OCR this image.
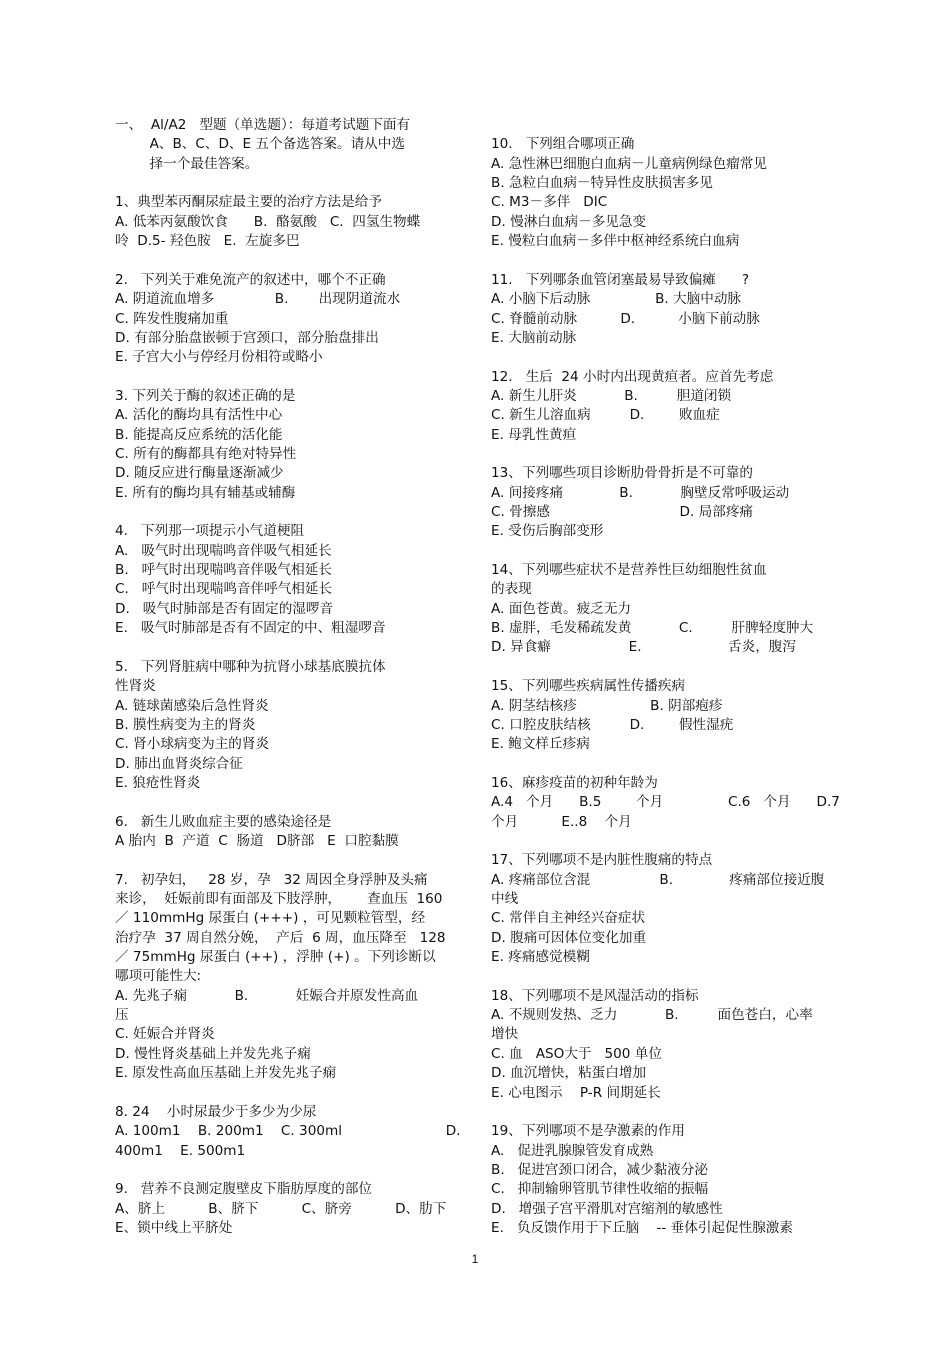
一、  Al/A2   型题（单选题）：每道考试题下面有
A、B、C、D、E 五个备选答案。请从中选
择一个最佳答案。
1、典型苯丙酮尿症最主要的治疗方法是给予
A. 低苯丙氨酸饮食      B.  酪氨酸   C.  四氢生物蝶
呤  D.5- 羟色胺   E.  左旋多巴
2.   下列关于难免流产的叙述中，哪个不正确
A. 阴道流血增多              B.       出现阴道流水
C. 阵发性腹痛加重
D. 有部分胎盘嵌顿于宫颈口，部分胎盘排出
E. 子宫大小与停经月份相符或略小
3. 下列关于酶的叙述正确的是
A. 活化的酶均具有活性中心
B. 能提高反应系统的活化能
C. 所有的酶都具有绝对特异性
D. 随反应进行酶量逐渐减少
E. 所有的酶均具有辅基或辅酶
4.   下列那一项提示小气道梗阻
A.   吸气时出现喘鸣音伴吸气相延长
B.   呼气时出现喘鸣音伴吸气相延长
C.   呼气时出现喘鸣音伴呼气相延长
D.   吸气时肺部是否有固定的湿啰音
E.   吸气时肺部是否有不固定的中、粗湿啰音
5.   下列肾脏病中哪种为抗肾小球基底膜抗体
性肾炎
A. 链球菌感染后急性肾炎
B. 膜性病变为主的肾炎
C. 肾小球病变为主的肾炎
D. 肺出血肾炎综合征
E. 狼疮性肾炎
6.   新生儿败血症主要的感染途径是
A 胎内  B  产道  C  肠道   D脐部   E  口腔黏膜
7.   初孕妇，   28 岁，孕   32 周因全身浮肿及头痛
来诊，  妊娠前即有面部及下肢浮肿，      查血压  160
／ 110mmHg 尿蛋白 (+++) ，可见颗粒管型，经
治疗孕  37 周自然分娩，  产后  6 周，血压降至   128
／ 75mmHg 尿蛋白 (++) ，浮肿 (+) 。下列诊断以
哪项可能性大:
A. 先兆子痫           B.           妊娠合并原发性高血
压
C. 妊娠合并肾炎
D. 慢性肾炎基础上并发先兆子痫
E. 原发性高血压基础上并发先兆子痫
8. 24    小时尿最少于多少为少尿
A. 100m1    B. 200m1    C. 300ml                        D.
400m1    E. 500m1
9.   营养不良测定腹壁皮下脂肪厚度的部位
A、脐上          B、脐下          C、脐旁          D、肋下
E、锁中线上平脐处
10.   下列组合哪项正确
A. 急性淋巴细胞白血病－儿童病例绿色瘤常见
B. 急粒白血病－特异性皮肤损害多见
C. M3－多伴   DIC
D. 慢淋白血病－多见急变
E. 慢粒白血病－多伴中枢神经系统白血病
11.   下列哪条血管闭塞最易导致偏瘫      ?
A. 小脑下后动脉               B. 大脑中动脉
C. 脊髓前动脉          D.          小脑下前动脉
E. 大脑前动脉
12.   生后  24 小时内出现黄疸者。应首先考虑
A. 新生儿肝炎           B.         胆道闭锁
C. 新生儿溶血病         D.        败血症
E. 母乳性黄疸
13、下列哪些项目诊断肋骨骨折是不可靠的
A. 间接疼痛             B.           胸壁反常呼吸运动
C. 骨擦感                              D. 局部疼痛
E. 受伤后胸部变形
14、下列哪些症状不是营养性巨幼细胞性贫血
的表现
A. 面色苍黄。疲乏无力
B. 虚胖，毛发稀疏发黄           C.         肝脾轻度肿大
D. 异食癖                  E.                    舌炎，腹泻
15、下列哪些疾病属性传播疾病
A. 阴茎结核疹                 B. 阴部疱疹
C. 口腔皮肤结核         D.        假性湿疣
E. 鲍文样丘疹病
16、麻疹疫苗的初种年龄为
A.4   个月      B.5        个月               C.6   个月      D.7
个月          E..8    个月
17、下列哪项不是内脏性腹痛的特点
A. 疼痛部位含混                B.             疼痛部位接近腹
中线
C. 常伴自主神经兴奋症状
D. 腹痛可因体位变化加重
E. 疼痛感觉模糊
18、下列哪项不是风湿活动的指标
A. 不规则发热、乏力           B.         面色苍白，心率
增快
C. 血   ASO大于   500 单位
D. 血沉增快，粘蛋白增加
E. 心电图示    P-R 间期延长
19、下列哪项不是孕激素的作用
A.   促进乳腺腺管发育成熟
B.   促进宫颈口闭合，减少黏液分泌
C.   抑制输卵管肌节律性收缩的振幅
D.   增强子宫平滑肌对宫缩剂的敏感性
E.   负反馈作用于下丘脑    -- 垂体引起促性腺激素
1
